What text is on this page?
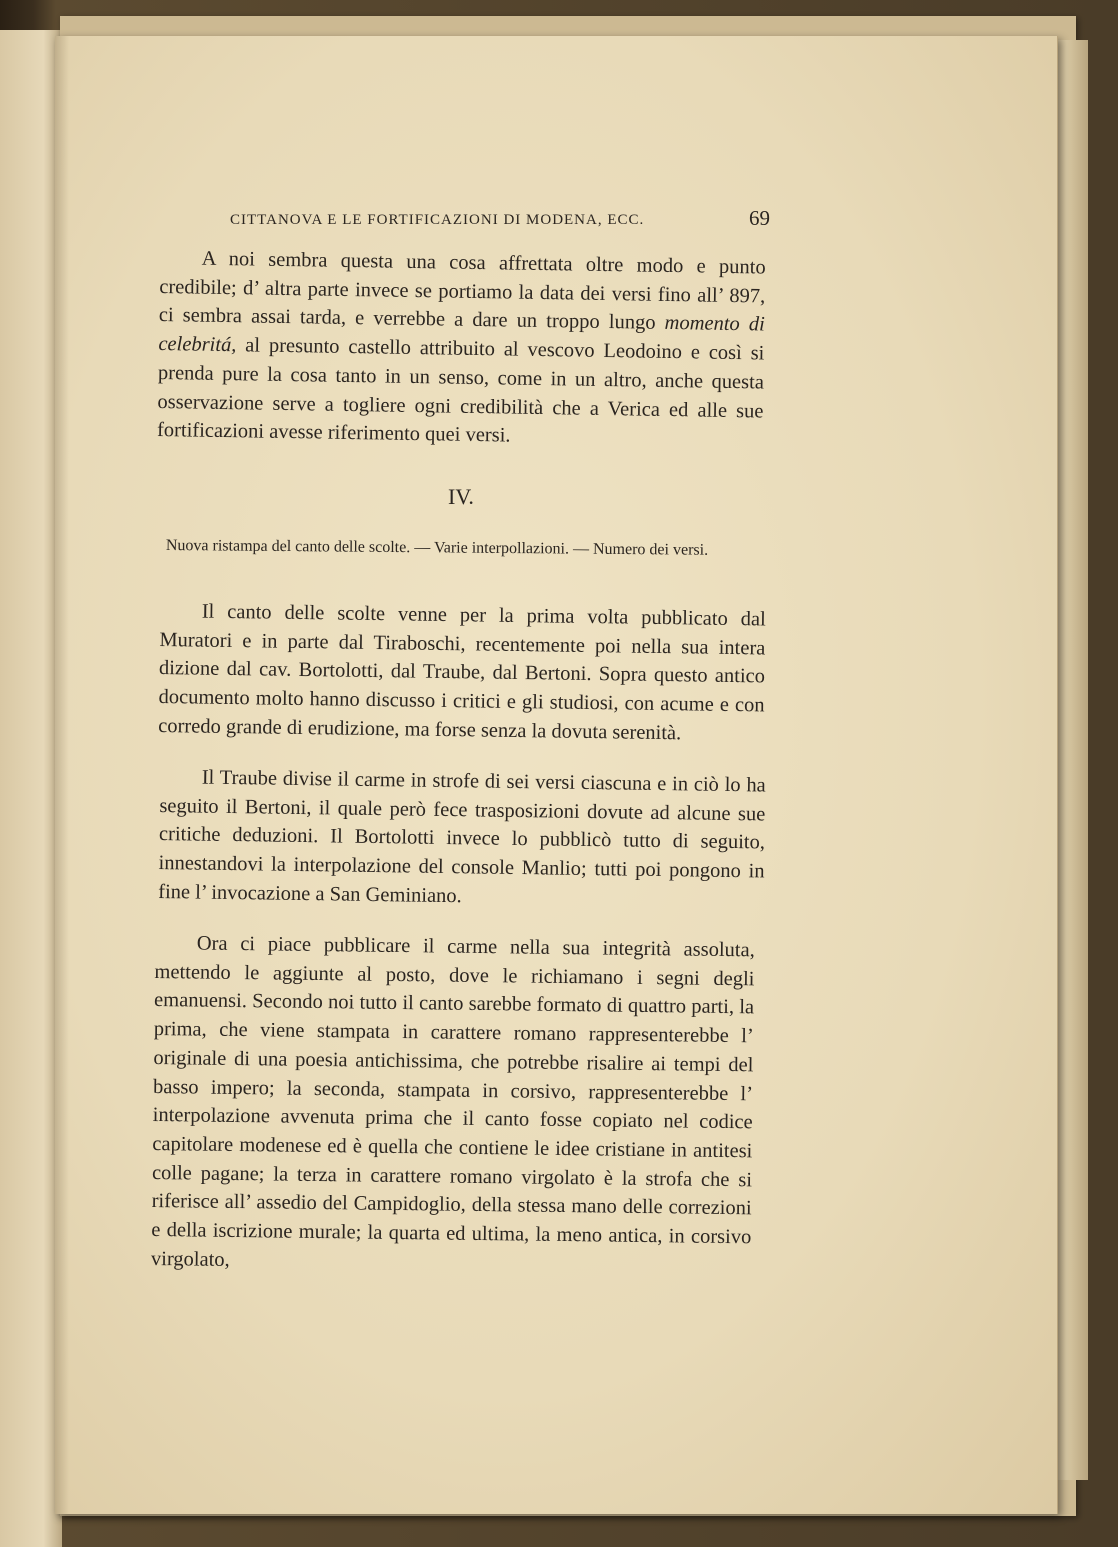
CITTANOVA E LE FORTIFICAZIONI DI MODENA, ECC.	69

A noi sembra questa una cosa affrettata oltre modo e punto credibile; d’ altra parte invece se portiamo la data dei versi fino all’ 897, ci sembra assai tarda, e verrebbe a dare un troppo lungo momento di celebritá, al presunto castello attribuito al vescovo Leodoino e così si prenda pure la cosa tanto in un senso, come in un altro, anche questa osservazione serve a togliere ogni credibilità che a Verica ed alle sue fortificazioni avesse riferimento quei versi.

IV.
Nuova ristampa del canto delle scolte. — Varie interpollazioni. — Numero dei versi.

Il canto delle scolte venne per la prima volta pubblicato dal Muratori e in parte dal Tiraboschi, recentemente poi nella sua intera dizione dal cav. Bortolotti, dal Traube, dal Bertoni. Sopra questo antico documento molto hanno discusso i critici e gli studiosi, con acume e con corredo grande di erudizione, ma forse senza la dovuta serenità.

Il Traube divise il carme in strofe di sei versi ciascuna e in ciò lo ha seguito il Bertoni, il quale però fece trasposizioni dovute ad alcune sue critiche deduzioni. Il Bortolotti invece lo pubblicò tutto di seguito, innestandovi la interpolazione del console Manlio; tutti poi pongono in fine l’ invocazione a San Geminiano.

Ora ci piace pubblicare il carme nella sua integrità assoluta, mettendo le aggiunte al posto, dove le richiamano i segni degli emanuensi. Secondo noi tutto il canto sarebbe formato di quattro parti, la prima, che viene stampata in carattere romano rappresenterebbe l’ originale di una poesia antichissima, che potrebbe risalire ai tempi del basso impero; la seconda, stampata in corsivo, rappresenterebbe l’ interpolazione avvenuta prima che il canto fosse copiato nel codice capitolare modenese ed è quella che contiene le idee cristiane in antitesi colle pagane; la terza in carattere romano virgolato è la strofa che si riferisce all’ assedio del Campidoglio, della stessa mano delle correzioni e della iscrizione murale; la quarta ed ultima, la meno antica, in corsivo virgolato,
